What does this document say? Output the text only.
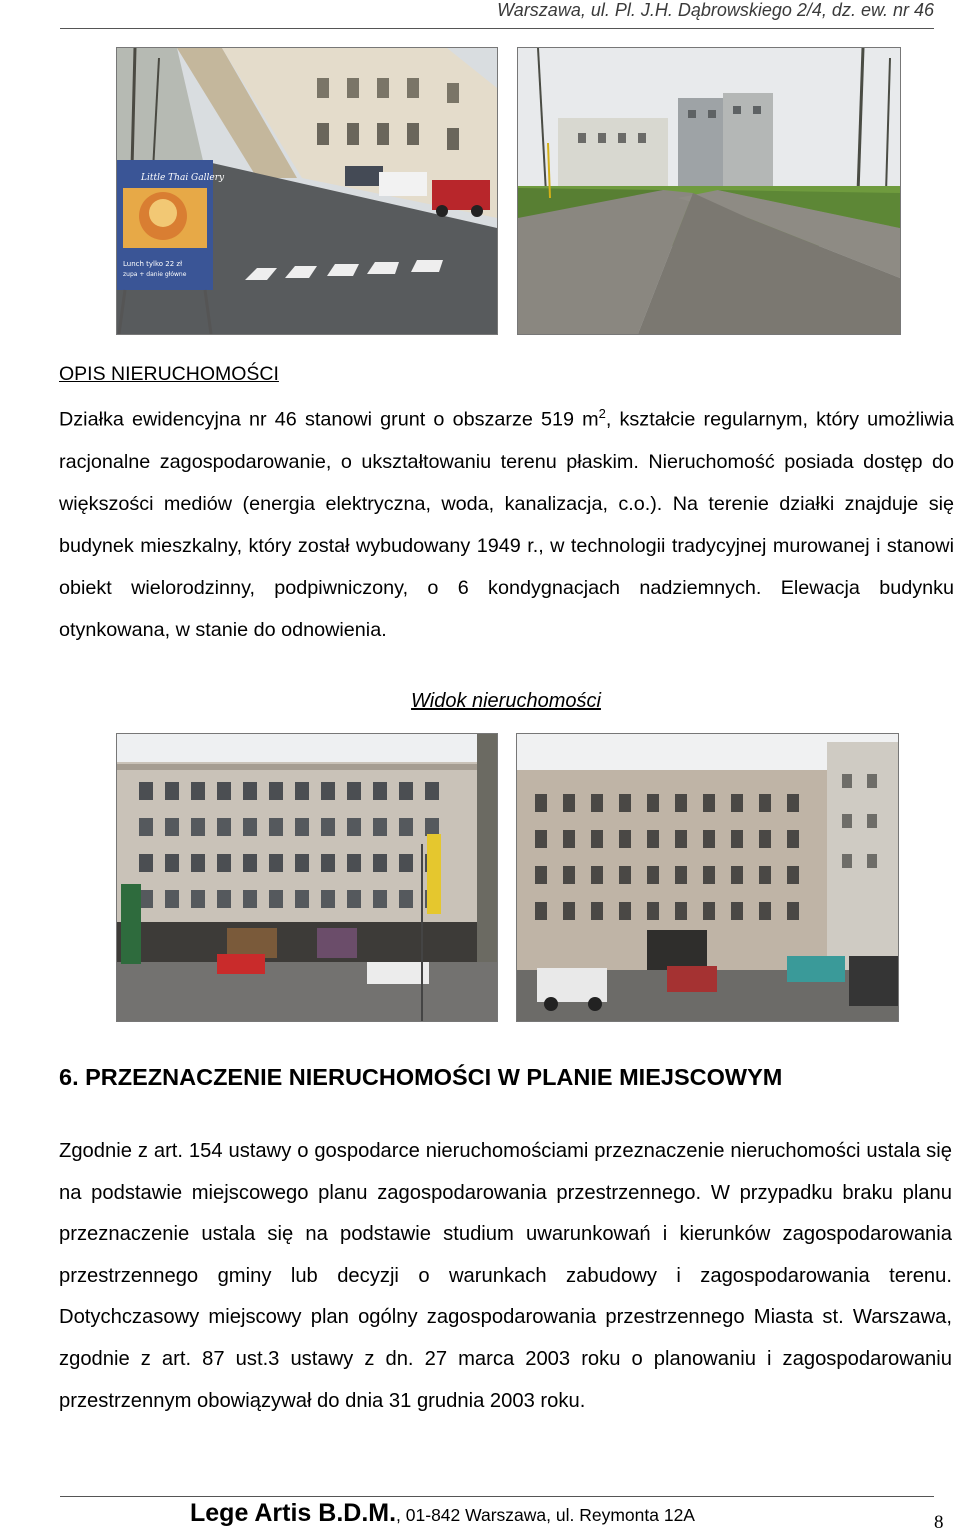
Warszawa, ul. Pl. J.H. Dąbrowskiego 2/4, dz. ew. nr 46
Little Thai Gallery
Lunch tylko 22 zł
zupa + danie główne
OPIS NIERUCHOMOŚCI

Działka ewidencyjna nr 46 stanowi grunt o obszarze 519 $m^2$, kształcie regularnym, który umożliwia racjonalne zagospodarowanie, o ukształtowaniu terenu płaskim. Nieruchomość posiada dostęp do większości mediów (energia elektryczna, woda, kanalizacja, c.o.). Na terenie działki znajduje się budynek mieszkalny, który został wybudowany 1949 r., w technologii tradycyjnej murowanej i stanowi obiekt wielorodzinny, podpiwniczony, o 6 kondygnacjach nadziemnych. Elewacja budynku otynkowana, w stanie do odnowienia.

Widok nieruchomości
6. PRZEZNACZENIE NIERUCHOMOŚCI W PLANIE MIEJSCOWYM

Zgodnie z art. 154 ustawy o gospodarce nieruchomościami przeznaczenie nieruchomości ustala się na podstawie miejscowego planu zagospodarowania przestrzennego. W przypadku braku planu przeznaczenie ustala się na podstawie studium uwarunkowań i kierunków zagospodarowania przestrzennego gminy lub decyzji o warunkach zabudowy i zagospodarowania terenu. Dotychczasowy miejscowy plan ogólny zagospodarowania przestrzennego Miasta st. Warszawa, zgodnie z art. 87 ust.3 ustawy z dn. 27 marca 2003 roku o planowaniu i zagospodarowaniu przestrzennym obowiązywał do dnia 31 grudnia 2003 roku.

Lege Artis B.D.M., 01-842 Warszawa, ul. Reymonta 12A	8
